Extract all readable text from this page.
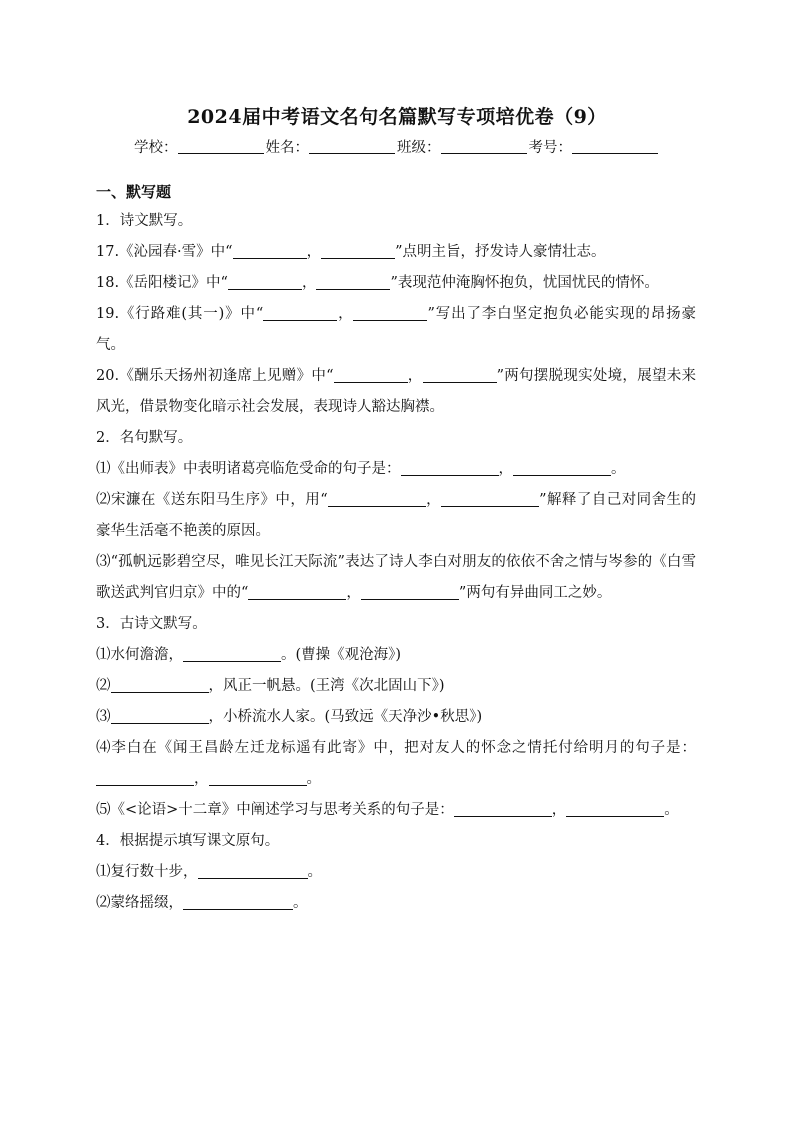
2024届中考语文名句名篇默写专项培优卷（9）
学校：	姓名：	班级：	考号：

一、默写题

1．诗文默写。

17.《沁园春·雪》中“	，	”点明主旨，抒发诗人豪情壮志。

18.《岳阳楼记》中“	，	”表现范仲淹胸怀抱负，忧国忧民的情怀。

19.《行路难(其一)》中“	，	”写出了李白坚定抱负必能实现的昂扬豪气。

20.《酬乐天扬州初逢席上见赠》中“	，	”两句摆脱现实处境，展望未来风光，借景物变化暗示社会发展，表现诗人豁达胸襟。

2．名句默写。

⑴《出师表》中表明诸葛亮临危受命的句子是：	，	。

⑵宋濂在《送东阳马生序》中，用“	，	”解释了自己对同舍生的豪华生活毫不艳羡的原因。

⑶“孤帆远影碧空尽，唯见长江天际流”表达了诗人李白对朋友的依依不舍之情与岑参的《白雪歌送武判官归京》中的“	，	”两句有异曲同工之妙。

3．古诗文默写。

⑴水何澹澹，	。(曹操《观沧海》)

⑵	，风正一帆悬。(王湾《次北固山下》)

⑶	，小桥流水人家。(马致远《天净沙•秋思》)

⑷李白在《闻王昌龄左迁龙标遥有此寄》中，把对友人的怀念之情托付给明月的句子是：，	。

⑸《<论语>十二章》中阐述学习与思考关系的句子是：	，	。

4．根据提示填写课文原句。

⑴复行数十步，	。

⑵蒙络摇缀，	。
